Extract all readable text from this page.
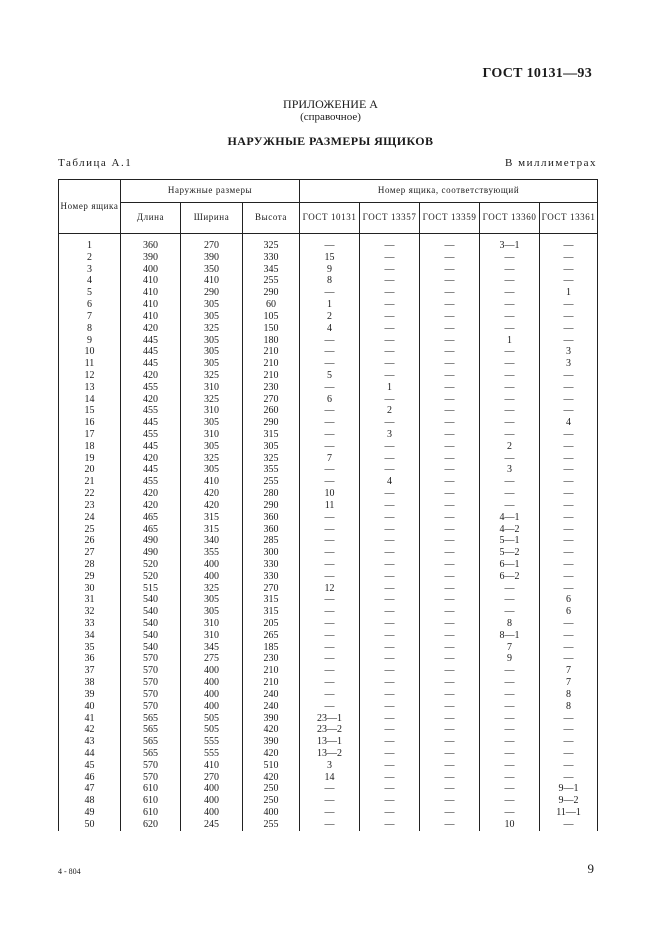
ГОСТ 10131—93
ПРИЛОЖЕНИЕ А
(справочное)
НАРУЖНЫЕ РАЗМЕРЫ ЯЩИКОВ
Таблица А.1	В миллиметрах
Номер ящика	Наружные размеры			Номер ящика, соответствующий				
	Длина	Ширина	Высота	ГОСТ 10131	ГОСТ 13357	ГОСТ 13359	ГОСТ 13360	ГОСТ 13361

1	360	270	325	—	—	—	3—1	—
2	390	390	330	15	—	—	—	—
3	400	350	345	9	—	—	—	—
4	410	410	255	8	—	—	—	—
5	410	290	290	—	—	—	—	1
6	410	305	60	1	—	—	—	—
7	410	305	105	2	—	—	—	—
8	420	325	150	4	—	—	—	—
9	445	305	180	—	—	—	1	—
10	445	305	210	—	—	—	—	3
11	445	305	210	—	—	—	—	3
12	420	325	210	5	—	—	—	—
13	455	310	230	—	1	—	—	—
14	420	325	270	6	—	—	—	—
15	455	310	260	—	2	—	—	—
16	445	305	290	—	—	—	—	4
17	455	310	315	—	3	—	—	—
18	445	305	305	—	—	—	2	—
19	420	325	325	7	—	—	—	—
20	445	305	355	—	—	—	3	—
21	455	410	255	—	4	—	—	—
22	420	420	280	10	—	—	—	—
23	420	420	290	11	—	—	—	—
24	465	315	360	—	—	—	4—1	—
25	465	315	360	—	—	—	4—2	—
26	490	340	285	—	—	—	5—1	—
27	490	355	300	—	—	—	5—2	—
28	520	400	330	—	—	—	6—1	—
29	520	400	330	—	—	—	6—2	—
30	515	325	270	12	—	—	—	—
31	540	305	315	—	—	—	—	6
32	540	305	315	—	—	—	—	6
33	540	310	205	—	—	—	8	—
34	540	310	265	—	—	—	8—1	—
35	540	345	185	—	—	—	7	—
36	570	275	230	—	—	—	9	—
37	570	400	210	—	—	—	—	7
38	570	400	210	—	—	—	—	7
39	570	400	240	—	—	—	—	8
40	570	400	240	—	—	—	—	8
41	565	505	390	23—1	—	—	—	—
42	565	505	420	23—2	—	—	—	—
43	565	555	390	13—1	—	—	—	—
44	565	555	420	13—2	—	—	—	—
45	570	410	510	3	—	—	—	—
46	570	270	420	14	—	—	—	—
47	610	400	250	—	—	—	—	9—1
48	610	400	250	—	—	—	—	9—2
49	610	400	400	—	—	—	—	11—1
50	620	245	255	—	—	—	10	—
4 - 804	9
